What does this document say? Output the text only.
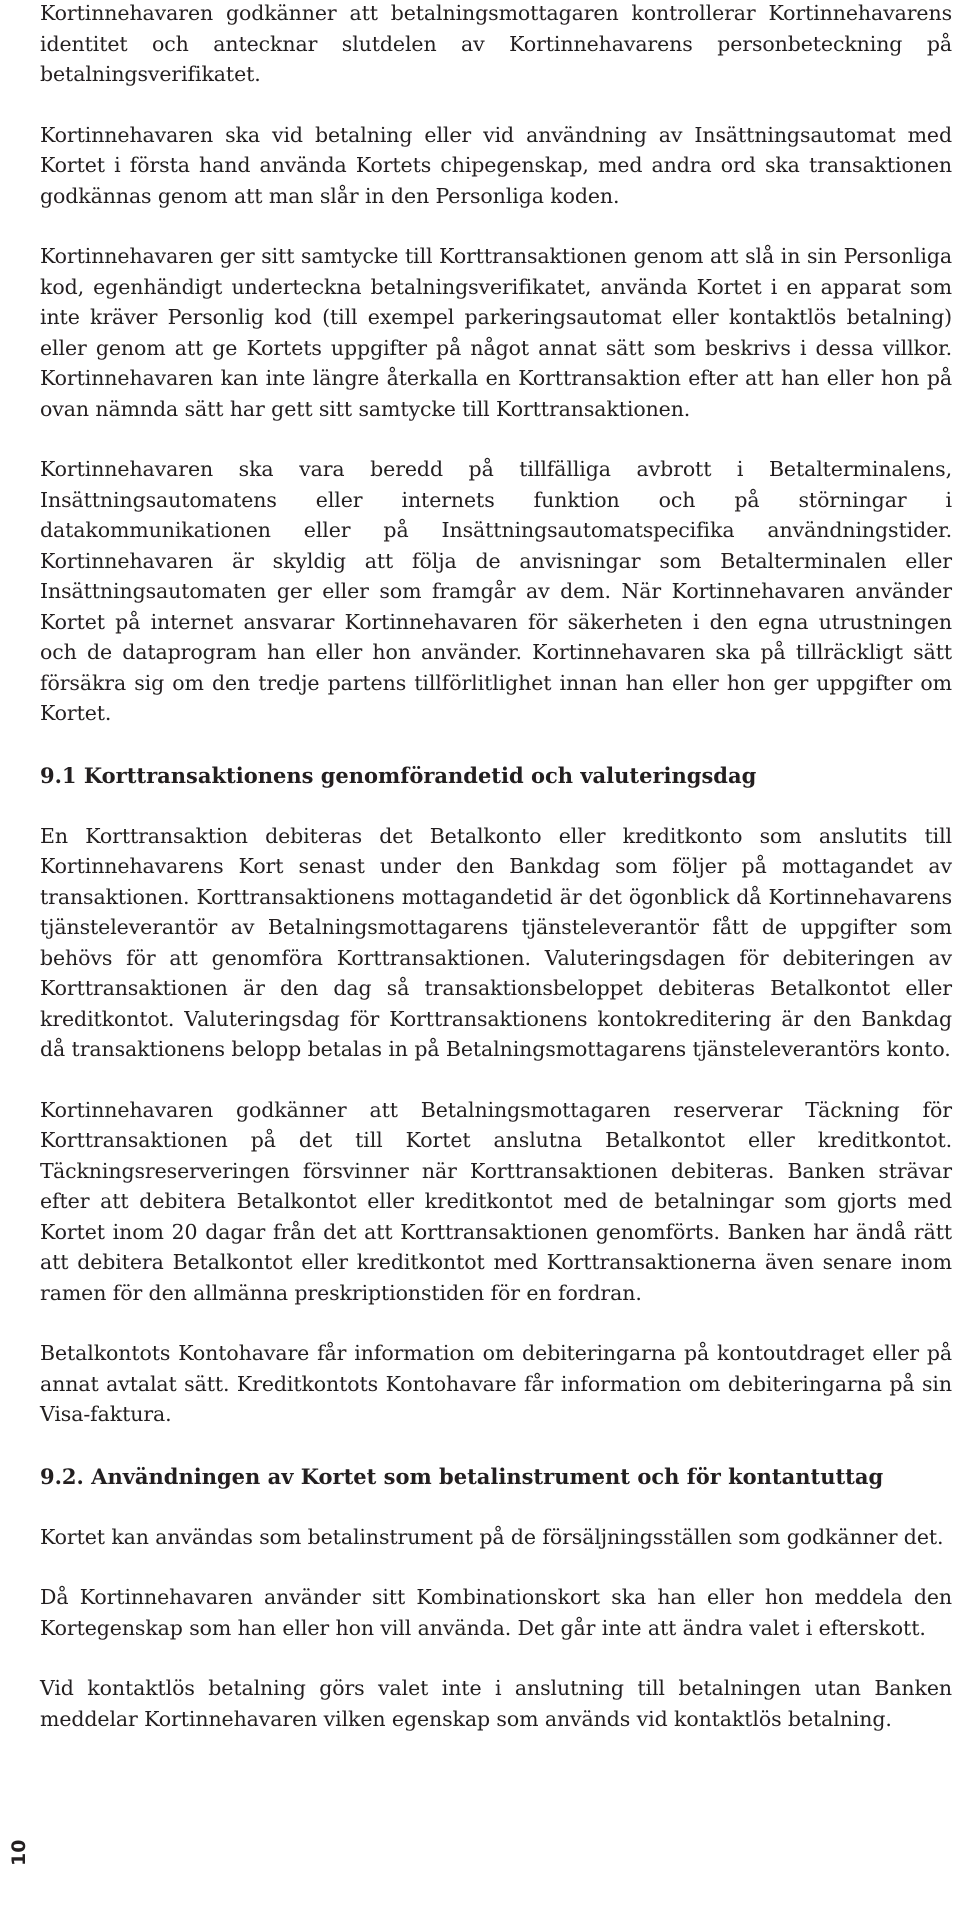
Kortinnehavaren godkänner att betalningsmottagaren kontrollerar Kortinnehavarens identitet och antecknar slutdelen av Kortinnehavarens personbeteckning på betalningsverifikatet.

Kortinnehavaren ska vid betalning eller vid användning av Insättningsautomat med Kortet i första hand använda Kortets chipegenskap, med andra ord ska transaktionen godkännas genom att man slår in den Personliga koden.

Kortinnehavaren ger sitt samtycke till Korttransaktionen genom att slå in sin Personliga kod, egenhändigt underteckna betalningsverifikatet, använda Kortet i en apparat som inte kräver Personlig kod (till exempel parkeringsautomat eller kontaktlös betalning) eller genom att ge Kortets uppgifter på något annat sätt som beskrivs i dessa villkor. Kortinnehavaren kan inte längre återkalla en Korttransaktion efter att han eller hon på ovan nämnda sätt har gett sitt samtycke till Korttransaktionen.

Kortinnehavaren ska vara beredd på tillfälliga avbrott i Betalterminalens, Insättningsautomatens eller internets funktion och på störningar i datakommunikationen eller på Insättningsautomatspecifika användningstider. Kortinnehavaren är skyldig att följa de anvisningar som Betalterminalen eller Insättningsautomaten ger eller som framgår av dem. När Kortinnehavaren använder Kortet på internet ansvarar Kortinnehavaren för säkerheten i den egna utrustningen och de dataprogram han eller hon använder. Kortinnehavaren ska på tillräckligt sätt försäkra sig om den tredje partens tillförlitlighet innan han eller hon ger uppgifter om Kortet.

9.1 Korttransaktionens genomförandetid och valuteringsdag

En Korttransaktion debiteras det Betalkonto eller kreditkonto som anslutits till Kortinnehavarens Kort senast under den Bankdag som följer på mottagandet av transaktionen. Korttransaktionens mottagandetid är det ögonblick då Kortinnehavarens tjänsteleverantör av Betalningsmottagarens tjänsteleverantör fått de uppgifter som behövs för att genomföra Korttransaktionen. Valuteringsdagen för debiteringen av Korttransaktionen är den dag så transaktionsbeloppet debiteras Betalkontot eller kreditkontot. Valuteringsdag för Korttransaktionens kontokreditering är den Bankdag då transaktionens belopp betalas in på Betalningsmottagarens tjänsteleverantörs konto.

Kortinnehavaren godkänner att Betalningsmottagaren reserverar Täckning för Korttransaktionen på det till Kortet anslutna Betalkontot eller kreditkontot. Täckningsreserveringen försvinner när Korttransaktionen debiteras. Banken strävar efter att debitera Betalkontot eller kreditkontot med de betalningar som gjorts med Kortet inom 20 dagar från det att Korttransaktionen genomförts. Banken har ändå rätt att debitera Betalkontot eller kreditkontot med Korttransaktionerna även senare inom ramen för den allmänna preskriptionstiden för en fordran.

Betalkontots Kontohavare får information om debiteringarna på kontoutdraget eller på annat avtalat sätt. Kreditkontots Kontohavare får information om debiteringarna på sin Visa-faktura.

9.2. Användningen av Kortet som betalinstrument och för kontantuttag

Kortet kan användas som betalinstrument på de försäljningsställen som godkänner det.

Då Kortinnehavaren använder sitt Kombinationskort ska han eller hon meddela den Kortegenskap som han eller hon vill använda. Det går inte att ändra valet i efterskott.

Vid kontaktlös betalning görs valet inte i anslutning till betalningen utan Banken meddelar Kortinnehavaren vilken egenskap som används vid kontaktlös betalning.

10
